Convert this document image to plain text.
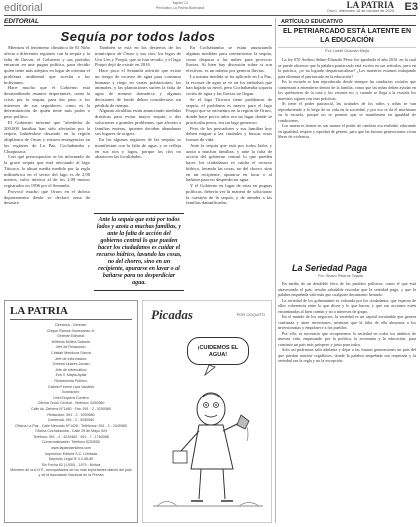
editorial	Tapón/ Ci
Periódico La Patria Boliviana	LA PATRIA
Oruro, miércoles 18 de octubre de 2023 E3
EDITORIAL
Sequía por todos lados

Mientras el fenómeno climático de El Niño afecta a diferentes regiones con la sequía y la falta de lluvias, el Gobierno y sus partidos entraron en una pugna política, para decidir quién tiene más adeptos en lugar de orientar el problema ambiental que acecha a los bolivianos.

Hace mucho que el Gobierno está desatendiendo asuntos importantes, como la crisis por la sequía, para dar paso a los intereses de sus seguidores, como es la determinación de quién tiene más poder o peso político.

El Gobierno informó que "alrededor de 200.000 familias han sido afectadas por la sequía, habiéndose desatado en la región altiplánica de Oruro y existen emergencias en las regiones de La Paz, Cochabamba y Chuquisaca.

Con qué preocupación se ha informado de la grave sequía que está afectando al lago Titicaca, la altura media medida por la regla milimétrica en el sector del lago es de 2,90 metros, valor inferior al de los 2,99 metros registrados en 1996 por el Senamhi.

Provocó mucho que Oruro en el doloso departamento desde se declaró zona de desastre.

También se está en los desiertos de los municipios de Oruro y sus ríos; los lagos de Uru Uru y Poopó, que se han secado, y el lago Poopó dejó de existir en 2016.

Hace poco el Senamhi advirtió que existe un riesgo de escasez de agua para consumo humano y riego en varias poblaciones; los animales, y las plantaciones sufren la falta de agua de manera dramática y algunas decisiones de fondo deben considerarse sin pérdida de tiempo.

Algunas alcaldías están anunciando medidas drásticas para evitar mayor sequía, o dos soluciones a grandes problemas, que afectan a familias enteras, quienes deciden abandonar sus lugares de origen.

En las algunas regiones de las sequías se manifiestan con la falta de agua, y se refleja en sus ríos y lagos, porque los ríos no abastecen las localidades.

Ante la sequía que está por todos lados y azota a muchas familias, y ante la falta de acción del gobierno central lo que pueden hacer los ciudadanos es cuidar el recurso hídrico, lavando las cosas, no del chorro, sino en un recipiente, apurarse en lavar o al bañarse para no desperdiciar agua.

En Cochabamba se están anunciando algunas medidas para contrarrestar la sequía, como disparar a las nubes para provocar lluvias. Si bien hay discusión sobre si son efectivas, es un intento por generar lluvias.

La misma medida se ha aplicado en La Paz, la escasez de agua se ve en los embalses que han bajado su nivel, pero Cochabamba soporta cortes de agua y las lluvias no llegan.

Se el lago Titicaca tiene problemas de sequía, el problema es mayor para el lago Poopó que se encuentra en la región de Oruro, donde hace pocos años era un lugar donde se practicaba pesca, era un lago generoso.

Pero de los pescadores y sus familias hoy deben migrar a las ciudades y buscar otras formas de vida.

Ante la sequía que está por todos lados y azota a muchas familias, y ante la falta de acción del gobierno central lo que pueden hacer los ciudadanos es cuidar el recurso hídrico, lavando las cosas, no del chorro, sino en un recipiente, apurarse en lavar o al bañarse para no desperdiciar agua.

Y el Gobierno en lugar de estar en pugnas políticas, debería ver la manera de solucionar la cuestión de la sequía, y de atender a las familias damnificadas.

LA PATRIA
Directora - Gerente:
Chique Ramos Somecanso Jr.
Gerente Editorial:
Wilfredo Molina Salcedo
Jefe de Redacción:
Cristian Mendoza García
Jefe de Información:
Ximena Linares Jordán
Jefe de Informática:
Eva V. Mayta Ayala
Relacionista Público:
Gabriel Fermín Lara Vacaflor
Ilustración:
Uriel Esquera Cordero
Oficina Oruro Central - Teléfono: 5250580
Calle Av. Dehene N°1480 · Fax: 591 - 2 - 5250580
Redacción: 591 - 2 - 5250580
Comercial: 591 - 2 - 5250580
Oficina La Paz - Calle Mercado N°1428 · Teléfonos: 591 - 2 - 2440980
Oficina Cochabamba - Calle 25 de Mayo S/N
Teléfono: 591 - 4 - 4229460 · 591 - 7 - 1760088
Comercialización: Teléfono 5253555
www.lapatriaenlinea.com
Impresión: Editora S.C. Limitada
Depósito Legal N°4-3-56-89
Sin Fecha 63 (1,000) - 1979 - Bolivia
Miembro de la A.N.P., acompañados de los más importantes diarios del país y de la Asociación Nacional de la Prensa
Picadas	POR COQUITO
¡CUIDEMOS EL AGUA!
ARTÍCULO EDUCATIVO
EL PETRIARCADO ESTÁ LATENTE EN LA EDUCACIÓN
Por: Liseth Guzmán Mejía

La ley 070 Avelino Siñani-Elizardo Pérez fue aprobada el año 2010, en la cual se puede observar que la palabra patriarcado está escrita en sus artículos, pero en la práctica, ¿se ha logrado despatriarcalizar? ¿Los maestros estamos trabajando para eliminar el patriarcado en la educación?

En la escuela se han reproducido desde siempre las conductas sociales que comienzan a entenderse dentro de la familia, como que las niñas deben ayudar en los quehaceres de la casa y los varones no, y cuando se llega a la escuela los maestros siguen con esas prácticas.

Si tiene el poder patriarcal, las actitudes de los niños y niñas se van reproduciendo a lo largo de su vida en la sociedad, y por eso se da el machismo en la escuela, porque no se permite que se manifiesten en igualdad de condiciones.

Los maestros tienen en sus manos el poder de cambiar esa realidad, educando en igualdad, respeto y equidad de género, para que las futuras generaciones vivan libres de violencia.

La Seriedad Paga
Por: Álvaro Riveros Tejada

En medio de un desdoble ético de los partidos políticos, como el que está atravesando el país, resulta saludable recordar que la seriedad paga, y que la palabra empeñada vale más que cualquier documento firmado.

La seriedad de los gobernantes es valorada por los ciudadanos, que esperan de ellos coherencia entre lo que dicen y lo que hacen, y que sus acciones estén encaminadas al bien común y no a intereses de grupo.

En el mundo de los negocios, la seriedad es un capital invaluable que genera confianza y atrae inversiones, mientras que la falta de ella ahuyenta a los inversionistas y empobrece a los pueblos.

Por ello, es necesario que recuperemos la seriedad en todos los ámbitos de nuestra vida, empezando por la política, la economía y la educación, para construir un país más próspero y justo para todos.

Solo así podremos salir adelante y dejar a las futuras generaciones un país del que puedan sentirse orgullosos, donde la palabra empeñada sea respetada y la seriedad sea la regla y no la excepción.
